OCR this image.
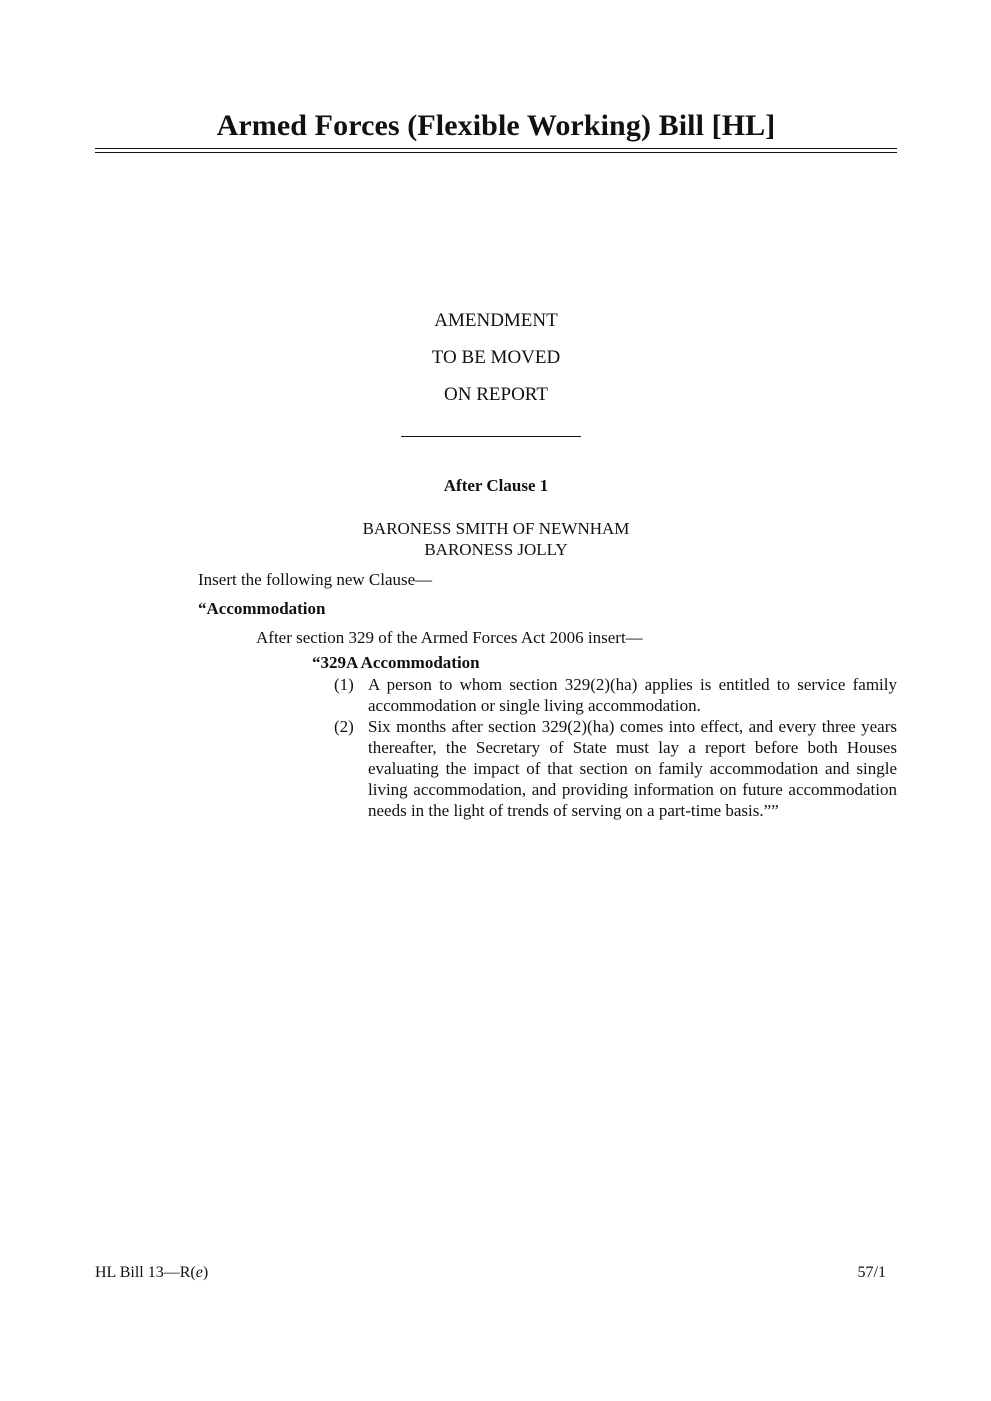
Armed Forces (Flexible Working) Bill [HL]
AMENDMENT
TO BE MOVED
ON REPORT
After Clause 1
BARONESS SMITH OF NEWNHAM
BARONESS JOLLY
Insert the following new Clause—
“Accommodation
After section 329 of the Armed Forces Act 2006 insert—
“329A Accommodation
(1) A person to whom section 329(2)(ha) applies is entitled to service family accommodation or single living accommodation.
(2) Six months after section 329(2)(ha) comes into effect, and every three years thereafter, the Secretary of State must lay a report before both Houses evaluating the impact of that section on family accommodation and single living accommodation, and providing information on future accommodation needs in the light of trends of serving on a part-time basis.””
HL Bill 13—R(e)	57/1
